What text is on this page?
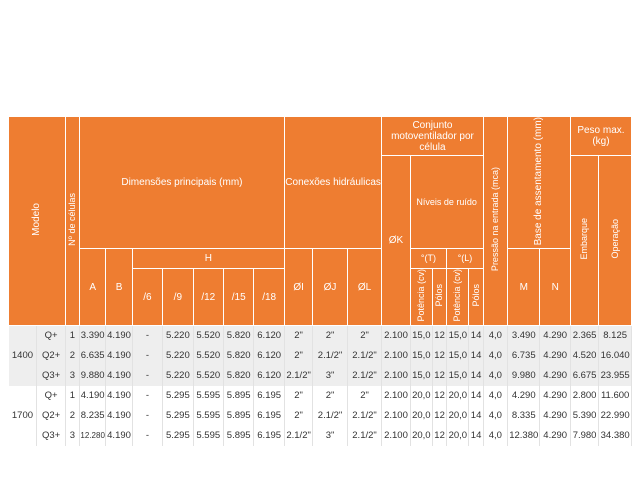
Modelo		Nº de células	Dimensões principais (mm)							Conexões hidráulicas			Conjunto motoventilador por célula					Pressão na entrada (mca)	Base de assentamento (mm)		Peso max. (kg)	

													ØK	Níveis de ruído							Embarque	Operação
			A	B	H					ØI	ØJ	ØL		°(T)		°(L)			M	N		
					/6	/9	/12	/15	/18					Potência (cv)	Pólos	Potência (cv)	Pólos					
1400	Q+	1	3.390	4.190	-	5.220	5.520	5.820	6.120	2"	2"	2"	2.100	15,0	12	15,0	14	4,0	3.490	4.290	2.365	8.125
	Q2+	2	6.635	4.190	-	5.220	5.520	5.820	6.120	2"	2.1/2"	2.1/2"	2.100	15,0	12	15,0	14	4,0	6.735	4.290	4.520	16.040
	Q3+	3	9.880	4.190	-	5.220	5.520	5.820	6.120	2.1/2"	3"	2.1/2"	2.100	15,0	12	15,0	14	4,0	9.980	4.290	6.675	23.955
1700	Q+	1	4.190	4.190	-	5.295	5.595	5.895	6.195	2"	2"	2"	2.100	20,0	12	20,0	14	4,0	4.290	4.290	2.800	11.600
	Q2+	2	8.235	4.190	-	5.295	5.595	5.895	6.195	2"	2.1/2"	2.1/2"	2.100	20,0	12	20,0	14	4,0	8.335	4.290	5.390	22.990
	Q3+	3	12.280	4.190	-	5.295	5.595	5.895	6.195	2.1/2"	3"	2.1/2"	2.100	20,0	12	20,0	14	4,0	12.380	4.290	7.980	34.380
